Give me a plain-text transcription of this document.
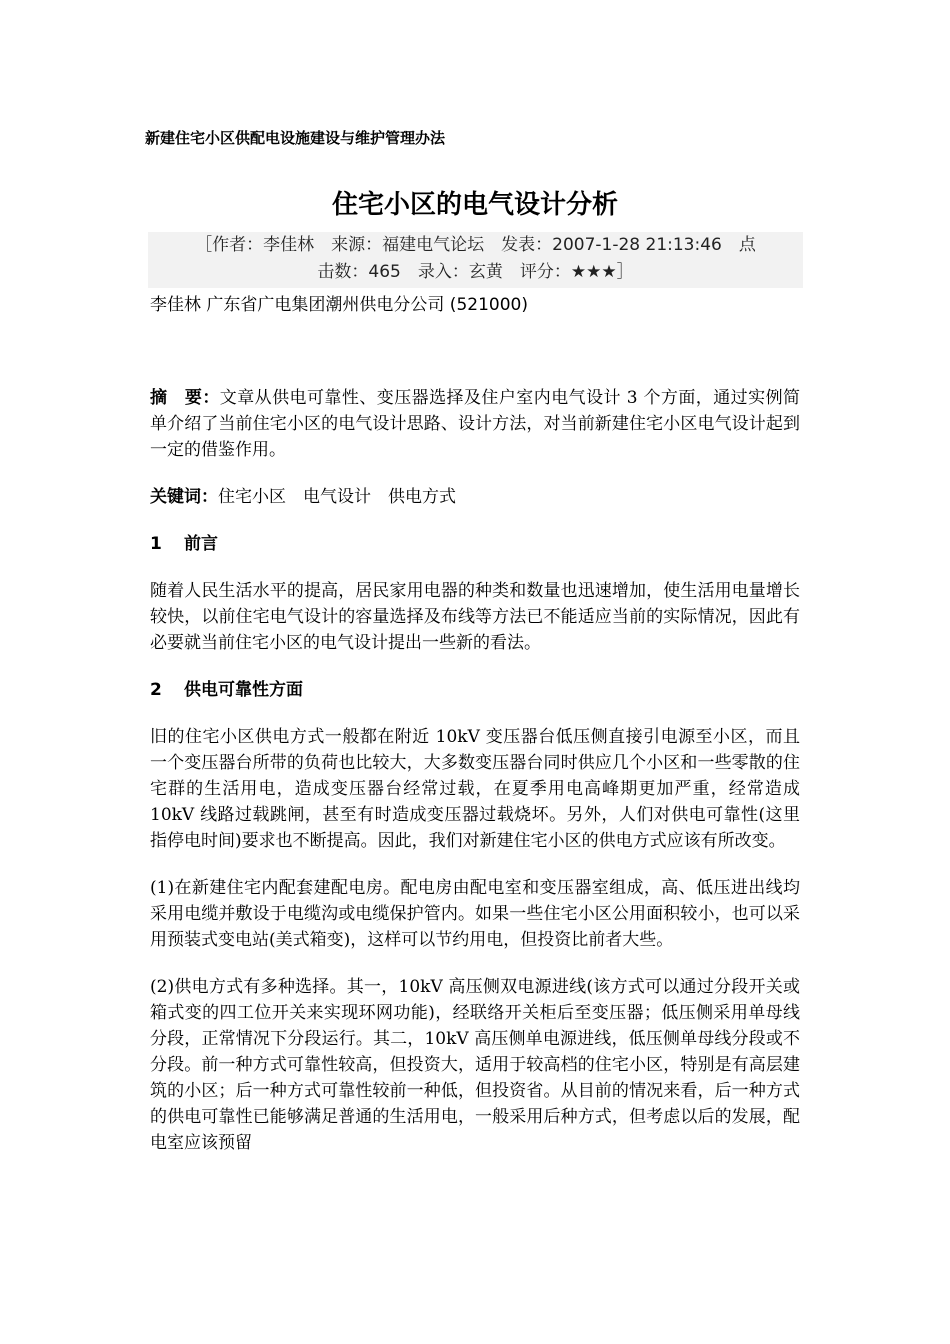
新建住宅小区供配电设施建设与维护管理办法
住宅小区的电气设计分析
［作者：李佳林　来源：福建电气论坛　发表：2007-1-28 21:13:46　点
击数：465　录入：玄黄　评分：★★★］
李佳林 广东省广电集团潮州供电分公司 (521000)

摘　要：文章从供电可靠性、变压器选择及住户室内电气设计 3 个方面，通过实例简单介绍了当前住宅小区的电气设计思路、设计方法，对当前新建住宅小区电气设计起到一定的借鉴作用。

关键词：住宅小区　电气设计　供电方式

1 前言

随着人民生活水平的提高，居民家用电器的种类和数量也迅速增加，使生活用电量增长较快，以前住宅电气设计的容量选择及布线等方法已不能适应当前的实际情况，因此有必要就当前住宅小区的电气设计提出一些新的看法。

2 供电可靠性方面

旧的住宅小区供电方式一般都在附近 10kV 变压器台低压侧直接引电源至小区，而且一个变压器台所带的负荷也比较大，大多数变压器台同时供应几个小区和一些零散的住宅群的生活用电，造成变压器台经常过载，在夏季用电高峰期更加严重，经常造成 10kV 线路过载跳闸，甚至有时造成变压器过载烧坏。另外，人们对供电可靠性(这里指停电时间)要求也不断提高。因此，我们对新建住宅小区的供电方式应该有所改变。

(1)在新建住宅内配套建配电房。配电房由配电室和变压器室组成，高、低压进出线均采用电缆并敷设于电缆沟或电缆保护管内。如果一些住宅小区公用面积较小，也可以采用预装式变电站(美式箱变)，这样可以节约用电，但投资比前者大些。

(2)供电方式有多种选择。其一，10kV 高压侧双电源进线(该方式可以通过分段开关或箱式变的四工位开关来实现环网功能)，经联络开关柜后至变压器；低压侧采用单母线分段，正常情况下分段运行。其二，10kV 高压侧单电源进线，低压侧单母线分段或不分段。前一种方式可靠性较高，但投资大，适用于较高档的住宅小区，特别是有高层建筑的小区；后一种方式可靠性较前一种低，但投资省。从目前的情况来看，后一种方式的供电可靠性已能够满足普通的生活用电，一般采用后种方式，但考虑以后的发展，配电室应该预留
